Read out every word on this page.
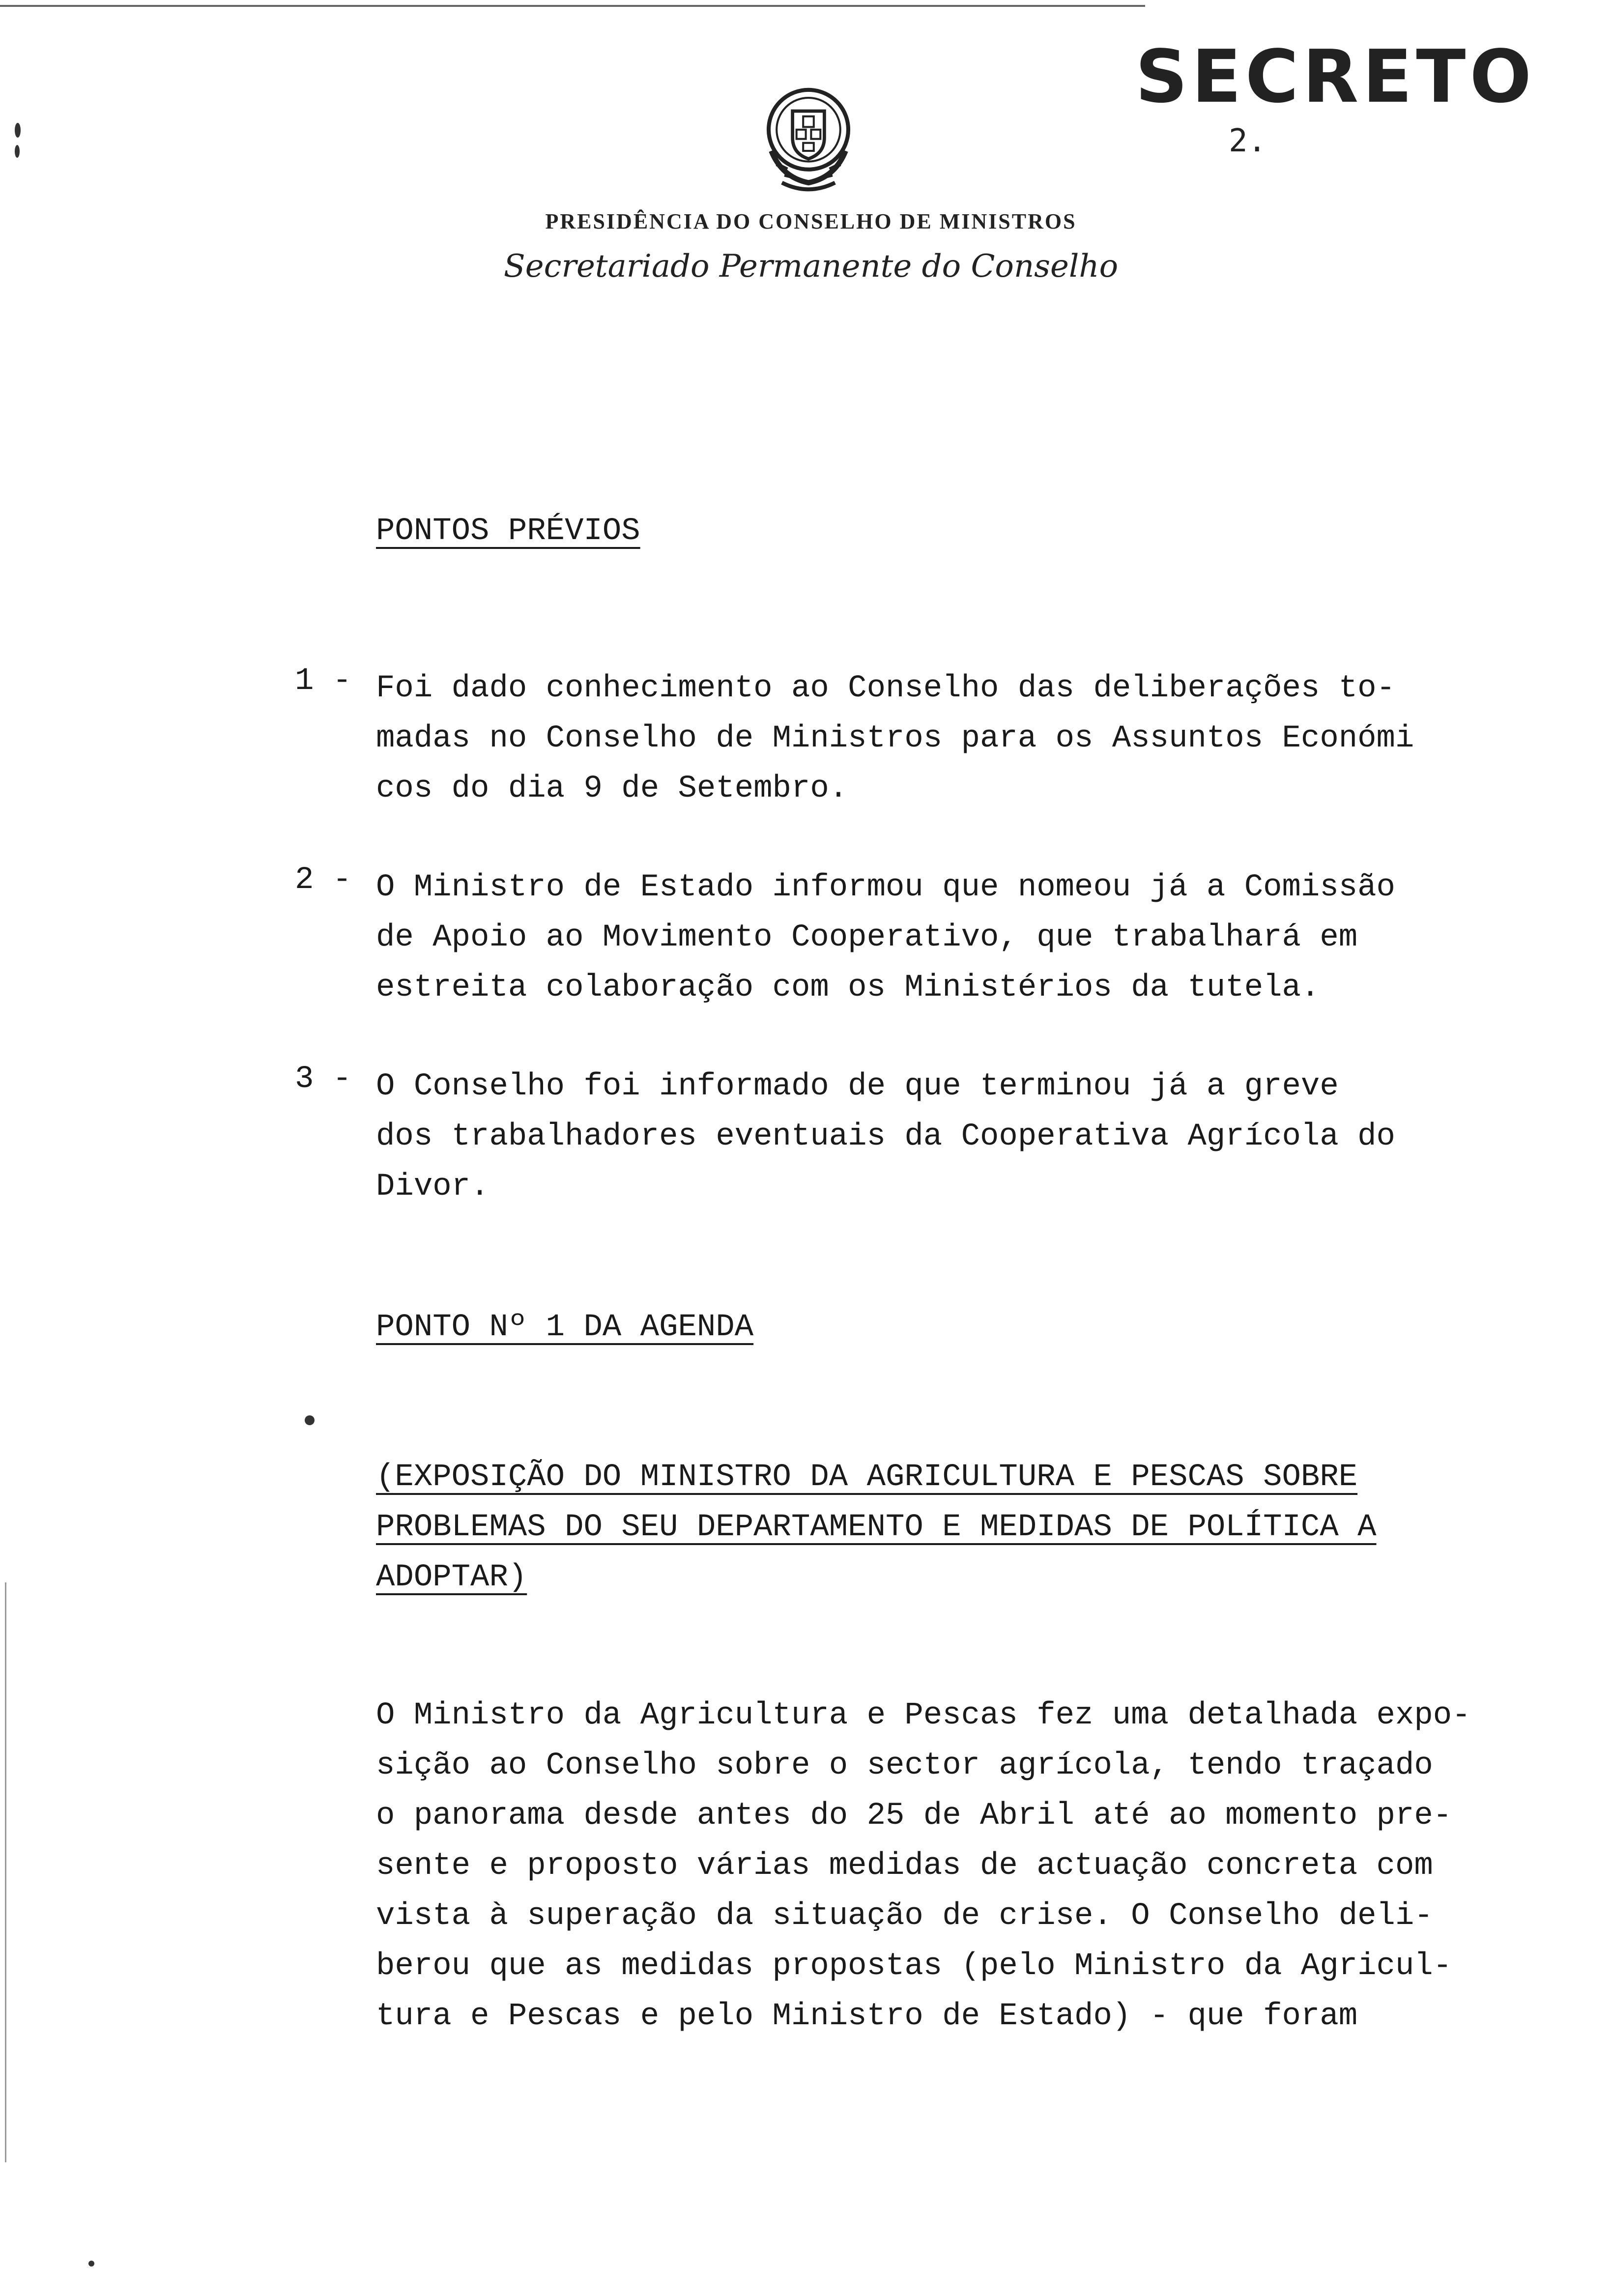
SECRETO
2.
PRESIDÊNCIA DO CONSELHO DE MINISTROS
Secretariado Permanente do Conselho
PONTOS PRÉVIOS
1 - Foi dado conhecimento ao Conselho das deliberações to-
madas no Conselho de Ministros para os Assuntos Económi
cos do dia 9 de Setembro.
2 - O Ministro de Estado informou que nomeou já a Comissão
de Apoio ao Movimento Cooperativo, que trabalhará em
estreita colaboração com os Ministérios da tutela.
3 - O Conselho foi informado de que terminou já a greve
dos trabalhadores eventuais da Cooperativa Agrícola do
Divor.
PONTO Nº 1 DA AGENDA
(EXPOSIÇÃO DO MINISTRO DA AGRICULTURA E PESCAS SOBRE
PROBLEMAS DO SEU DEPARTAMENTO E MEDIDAS DE POLÍTICA A
ADOPTAR)
O Ministro da Agricultura e Pescas fez uma detalhada expo-
sição ao Conselho sobre o sector agrícola, tendo traçado
o panorama desde antes do 25 de Abril até ao momento pre-
sente e proposto várias medidas de actuação concreta com
vista à superação da situação de crise. O Conselho deli-
berou que as medidas propostas (pelo Ministro da Agricul-
tura e Pescas e pelo Ministro de Estado) - que foram
